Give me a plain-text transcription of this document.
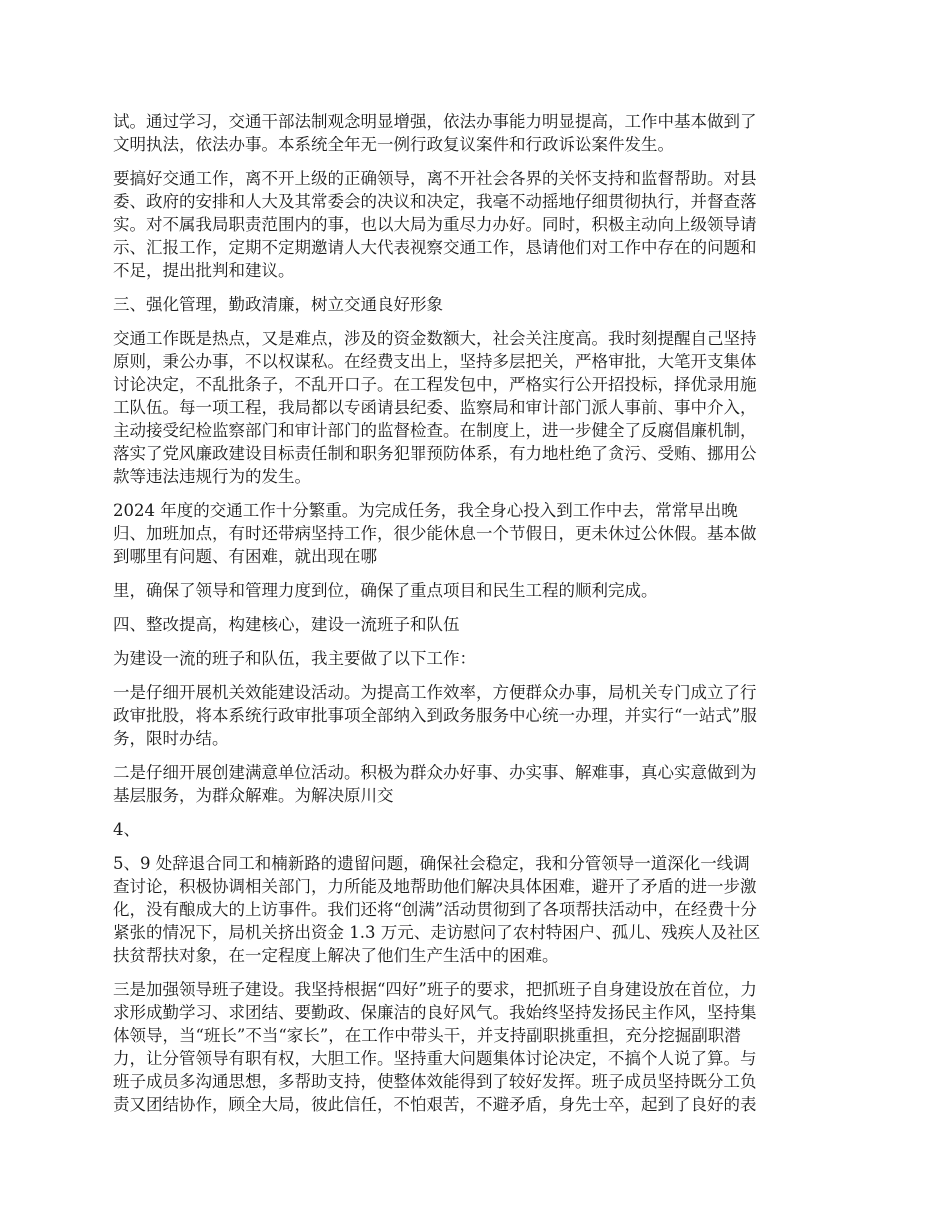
试。通过学习，交通干部法制观念明显增强，依法办事能力明显提高，工作中基本做到了
文明执法，依法办事。本系统全年无一例行政复议案件和行政诉讼案件发生。

要搞好交通工作，离不开上级的正确领导，离不开社会各界的关怀支持和监督帮助。对县
委、政府的安排和人大及其常委会的决议和决定，我毫不动摇地仔细贯彻执行，并督查落
实。对不属我局职责范围内的事，也以大局为重尽力办好。同时，积极主动向上级领导请
示、汇报工作，定期不定期邀请人大代表视察交通工作，恳请他们对工作中存在的问题和
不足，提出批判和建议。

三、强化管理，勤政清廉，树立交通良好形象

交通工作既是热点，又是难点，涉及的资金数额大，社会关注度高。我时刻提醒自己坚持
原则，秉公办事，不以权谋私。在经费支出上，坚持多层把关，严格审批，大笔开支集体
讨论决定，不乱批条子，不乱开口子。在工程发包中，严格实行公开招投标，择优录用施
工队伍。每一项工程，我局都以专函请县纪委、监察局和审计部门派人事前、事中介入，
主动接受纪检监察部门和审计部门的监督检查。在制度上，进一步健全了反腐倡廉机制，
落实了党风廉政建设目标责任制和职务犯罪预防体系，有力地杜绝了贪污、受贿、挪用公
款等违法违规行为的发生。

2024 年度的交通工作十分繁重。为完成任务，我全身心投入到工作中去，常常早出晚
归、加班加点，有时还带病坚持工作，很少能休息一个节假日，更未休过公休假。基本做
到哪里有问题、有困难，就出现在哪

里，确保了领导和管理力度到位，确保了重点项目和民生工程的顺利完成。

四、整改提高，构建核心，建设一流班子和队伍

为建设一流的班子和队伍，我主要做了以下工作：

一是仔细开展机关效能建设活动。为提高工作效率，方便群众办事，局机关专门成立了行
政审批股，将本系统行政审批事项全部纳入到政务服务中心统一办理，并实行“一站式”服
务，限时办结。

二是仔细开展创建满意单位活动。积极为群众办好事、办实事、解难事，真心实意做到为
基层服务，为群众解难。为解决原川交

4、

5、9 处辞退合同工和楠新路的遗留问题，确保社会稳定，我和分管领导一道深化一线调
查讨论，积极协调相关部门，力所能及地帮助他们解决具体困难，避开了矛盾的进一步激
化，没有酿成大的上访事件。我们还将“创满”活动贯彻到了各项帮扶活动中，在经费十分
紧张的情况下，局机关挤出资金 1.3 万元、走访慰问了农村特困户、孤儿、残疾人及社区
扶贫帮扶对象，在一定程度上解决了他们生产生活中的困难。

三是加强领导班子建设。我坚持根据“四好”班子的要求，把抓班子自身建设放在首位，力
求形成勤学习、求团结、要勤政、保廉洁的良好风气。我始终坚持发扬民主作风，坚持集
体领导，当“班长”不当“家长”，在工作中带头干，并支持副职挑重担，充分挖掘副职潜
力，让分管领导有职有权，大胆工作。坚持重大问题集体讨论决定，不搞个人说了算。与
班子成员多沟通思想，多帮助支持，使整体效能得到了较好发挥。班子成员坚持既分工负
责又团结协作，顾全大局，彼此信任，不怕艰苦，不避矛盾，身先士卒，起到了良好的表
